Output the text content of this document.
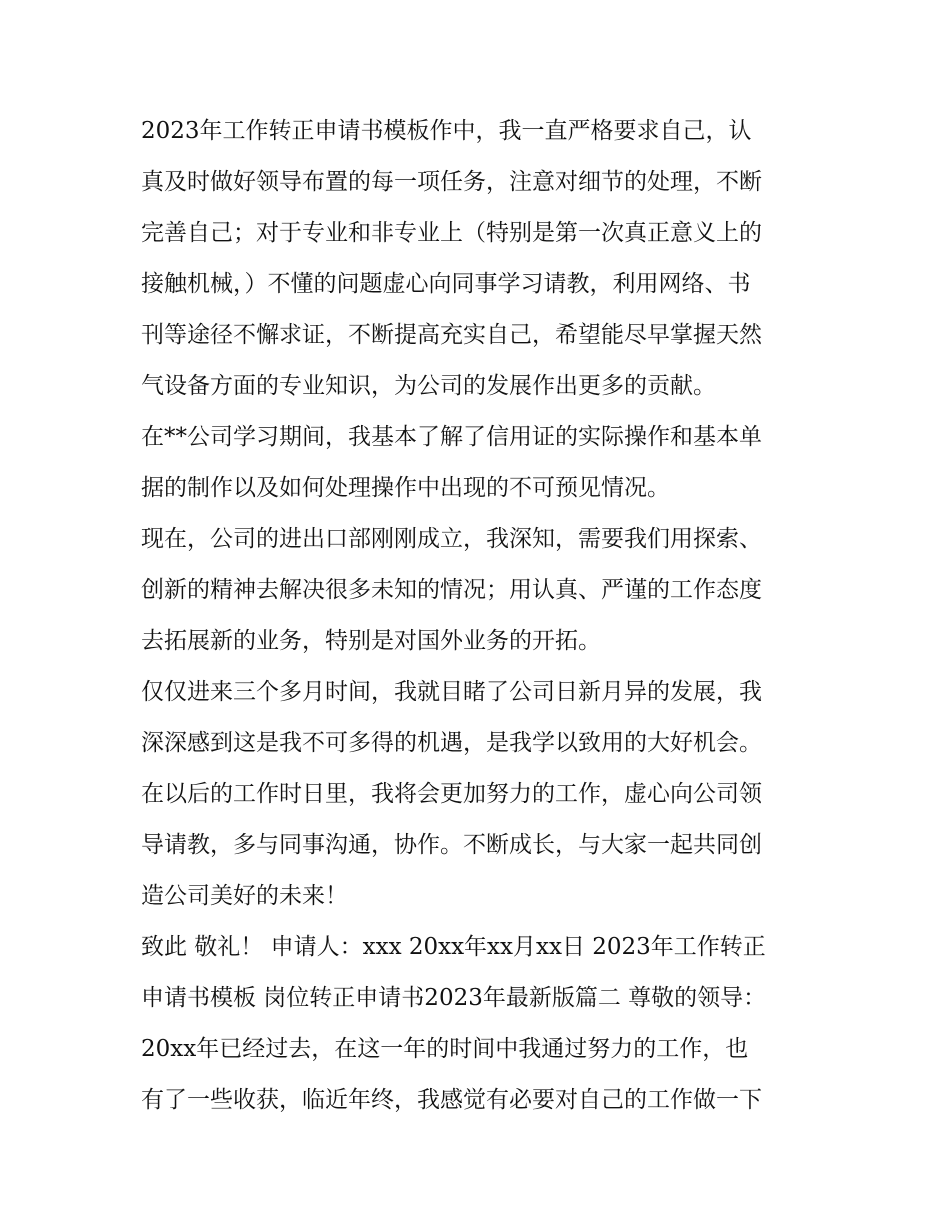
2023年工作转正申请书模板作中，我一直严格要求自己，认
真及时做好领导布置的每一项任务，注意对细节的处理，不断
完善自己；对于专业和非专业上（特别是第一次真正意义上的
接触机械，）不懂的问题虚心向同事学习请教，利用网络、书
刊等途径不懈求证，不断提高充实自己，希望能尽早掌握天然
气设备方面的专业知识，为公司的发展作出更多的贡献。
在**公司学习期间，我基本了解了信用证的实际操作和基本单
据的制作以及如何处理操作中出现的不可预见情况。
现在，公司的进出口部刚刚成立，我深知，需要我们用探索、
创新的精神去解决很多未知的情况；用认真、严谨的工作态度
去拓展新的业务，特别是对国外业务的开拓。
仅仅进来三个多月时间，我就目睹了公司日新月异的发展，我
深深感到这是我不可多得的机遇，是我学以致用的大好机会。
在以后的工作时日里，我将会更加努力的工作，虚心向公司领
导请教，多与同事沟通，协作。不断成长，与大家一起共同创
造公司美好的未来！
致此 敬礼！ 申请人：xxx 20xx年xx月xx日 2023年工作转正
申请书模板 岗位转正申请书2023年最新版篇二 尊敬的领导：
20xx年已经过去，在这一年的时间中我通过努力的工作，也
有了一些收获，临近年终，我感觉有必要对自己的工作做一下
